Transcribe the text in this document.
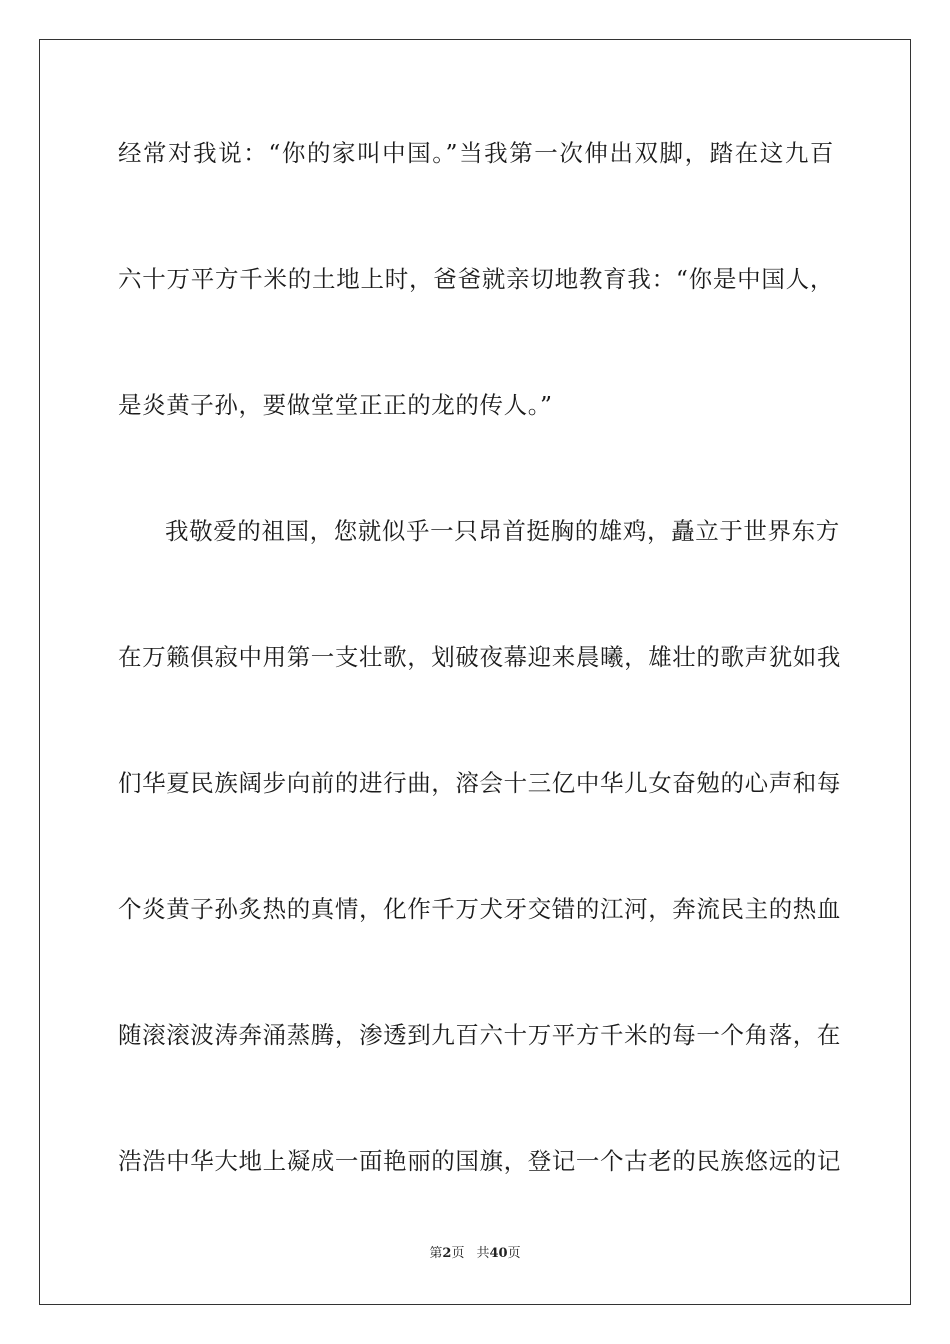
经常对我说：“你的家叫中国。”当我第一次伸出双脚，踏在这九百
六十万平方千米的土地上时，爸爸就亲切地教育我：“你是中国人，
是炎黄子孙，要做堂堂正正的龙的传人。”
我敬爱的祖国，您就似乎一只昂首挺胸的雄鸡，矗立于世界东方
在万籁俱寂中用第一支壮歌，划破夜幕迎来晨曦，雄壮的歌声犹如我
们华夏民族阔步向前的进行曲，溶会十三亿中华儿女奋勉的心声和每
个炎黄子孙炙热的真情，化作千万犬牙交错的江河，奔流民主的热血
随滚滚波涛奔涌蒸腾，渗透到九百六十万平方千米的每一个角落，在
浩浩中华大地上凝成一面艳丽的国旗，登记一个古老的民族悠远的记
第2页 共40页
